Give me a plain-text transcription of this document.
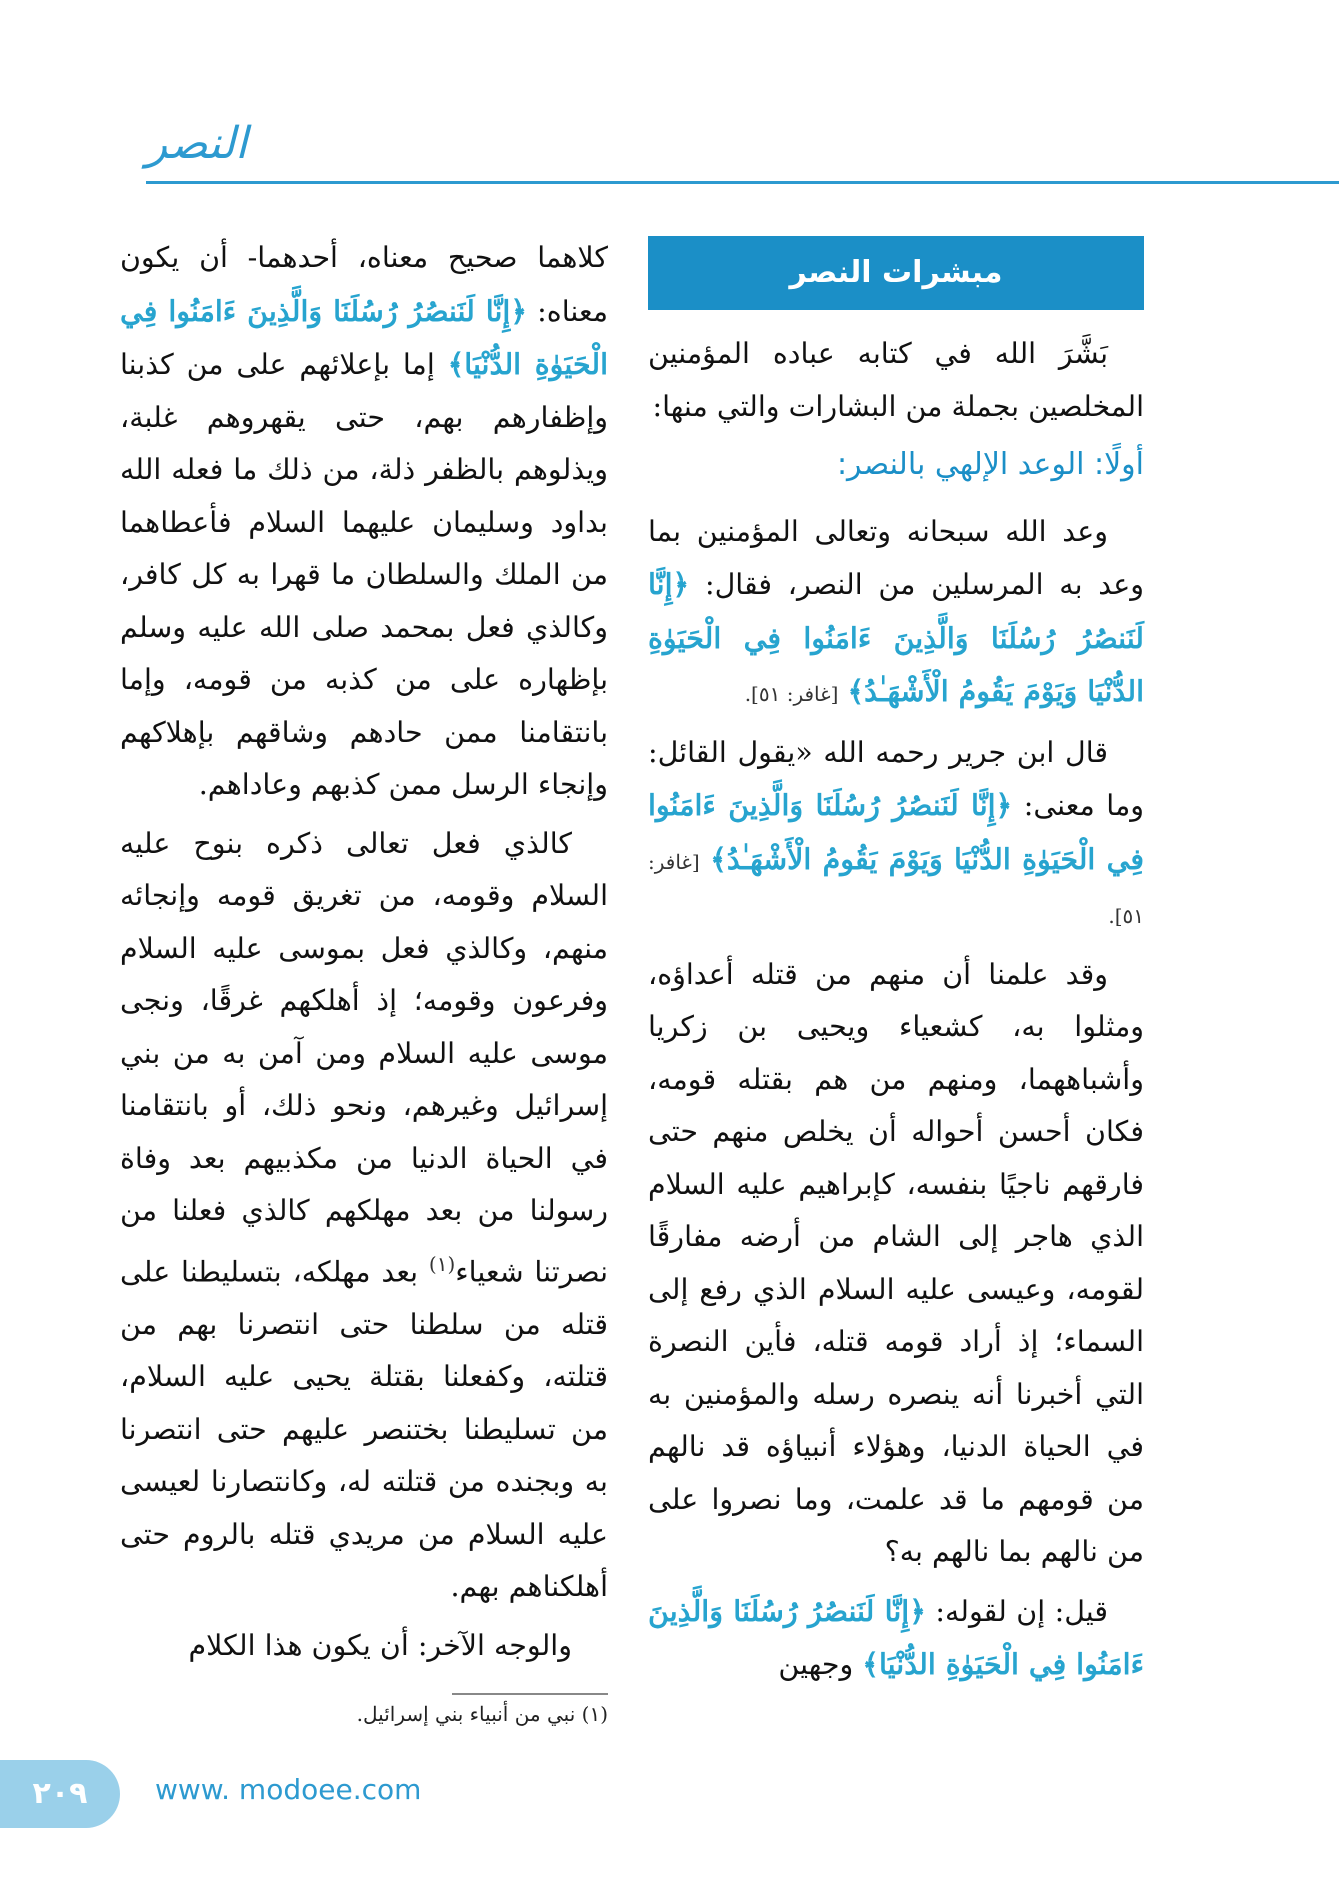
النصر
مبشرات النصر

بَشَّرَ الله في كتابه عباده المؤمنين المخلصين بجملة من البشارات والتي منها:

أولًا: الوعد الإلهي بالنصر:

وعد الله سبحانه وتعالى المؤمنين بما وعد به المرسلين من النصر، فقال: ﴿إِنَّا لَنَنصُرُ رُسُلَنَا وَالَّذِينَ ءَامَنُوا فِي الْحَيَوٰةِ الدُّنْيَا وَيَوْمَ يَقُومُ الْأَشْهَـٰدُ﴾ [غافر: ٥١].

قال ابن جرير رحمه الله «يقول القائل: وما معنى: ﴿إِنَّا لَنَنصُرُ رُسُلَنَا وَالَّذِينَ ءَامَنُوا فِي الْحَيَوٰةِ الدُّنْيَا وَيَوْمَ يَقُومُ الْأَشْهَـٰدُ﴾ [غافر: ٥١].

وقد علمنا أن منهم من قتله أعداؤه، ومثلوا به، كشعياء ويحيى بن زكريا وأشباههما، ومنهم من هم بقتله قومه، فكان أحسن أحواله أن يخلص منهم حتى فارقهم ناجيًا بنفسه، كإبراهيم عليه السلام الذي هاجر إلى الشام من أرضه مفارقًا لقومه، وعيسى عليه السلام الذي رفع إلى السماء؛ إذ أراد قومه قتله، فأين النصرة التي أخبرنا أنه ينصره رسله والمؤمنين به في الحياة الدنيا، وهؤلاء أنبياؤه قد نالهم من قومهم ما قد علمت، وما نصروا على من نالهم بما نالهم به؟

قيل: إن لقوله: ﴿إِنَّا لَنَنصُرُ رُسُلَنَا وَالَّذِينَ ءَامَنُوا فِي الْحَيَوٰةِ الدُّنْيَا﴾ وجهين

كلاهما صحيح معناه، أحدهما- أن يكون معناه: ﴿إِنَّا لَنَنصُرُ رُسُلَنَا وَالَّذِينَ ءَامَنُوا فِي الْحَيَوٰةِ الدُّنْيَا﴾ إما بإعلائهم على من كذبنا وإظفارهم بهم، حتى يقهروهم غلبة، ويذلوهم بالظفر ذلة، من ذلك ما فعله الله بداود وسليمان عليهما السلام فأعطاهما من الملك والسلطان ما قهرا به كل كافر، وكالذي فعل بمحمد صلى الله عليه وسلم بإظهاره على من كذبه من قومه، وإما بانتقامنا ممن حادهم وشاقهم بإهلاكهم وإنجاء الرسل ممن كذبهم وعاداهم.

كالذي فعل تعالى ذكره بنوح عليه السلام وقومه، من تغريق قومه وإنجائه منهم، وكالذي فعل بموسى عليه السلام وفرعون وقومه؛ إذ أهلكهم غرقًا، ونجى موسى عليه السلام ومن آمن به من بني إسرائيل وغيرهم، ونحو ذلك، أو بانتقامنا في الحياة الدنيا من مكذبيهم بعد وفاة رسولنا من بعد مهلكهم كالذي فعلنا من نصرتنا شعياء$^{(١)}$ بعد مهلكه، بتسليطنا على قتله من سلطنا حتى انتصرنا بهم من قتلته، وكفعلنا بقتلة يحيى عليه السلام، من تسليطنا بختنصر عليهم حتى انتصرنا به وبجنده من قتلته له، وكانتصارنا لعيسى عليه السلام من مريدي قتله بالروم حتى أهلكناهم بهم.

والوجه الآخر: أن يكون هذا الكلام

(١) نبي من أنبياء بني إسرائيل.
٢٠٩	www. modoee.com
